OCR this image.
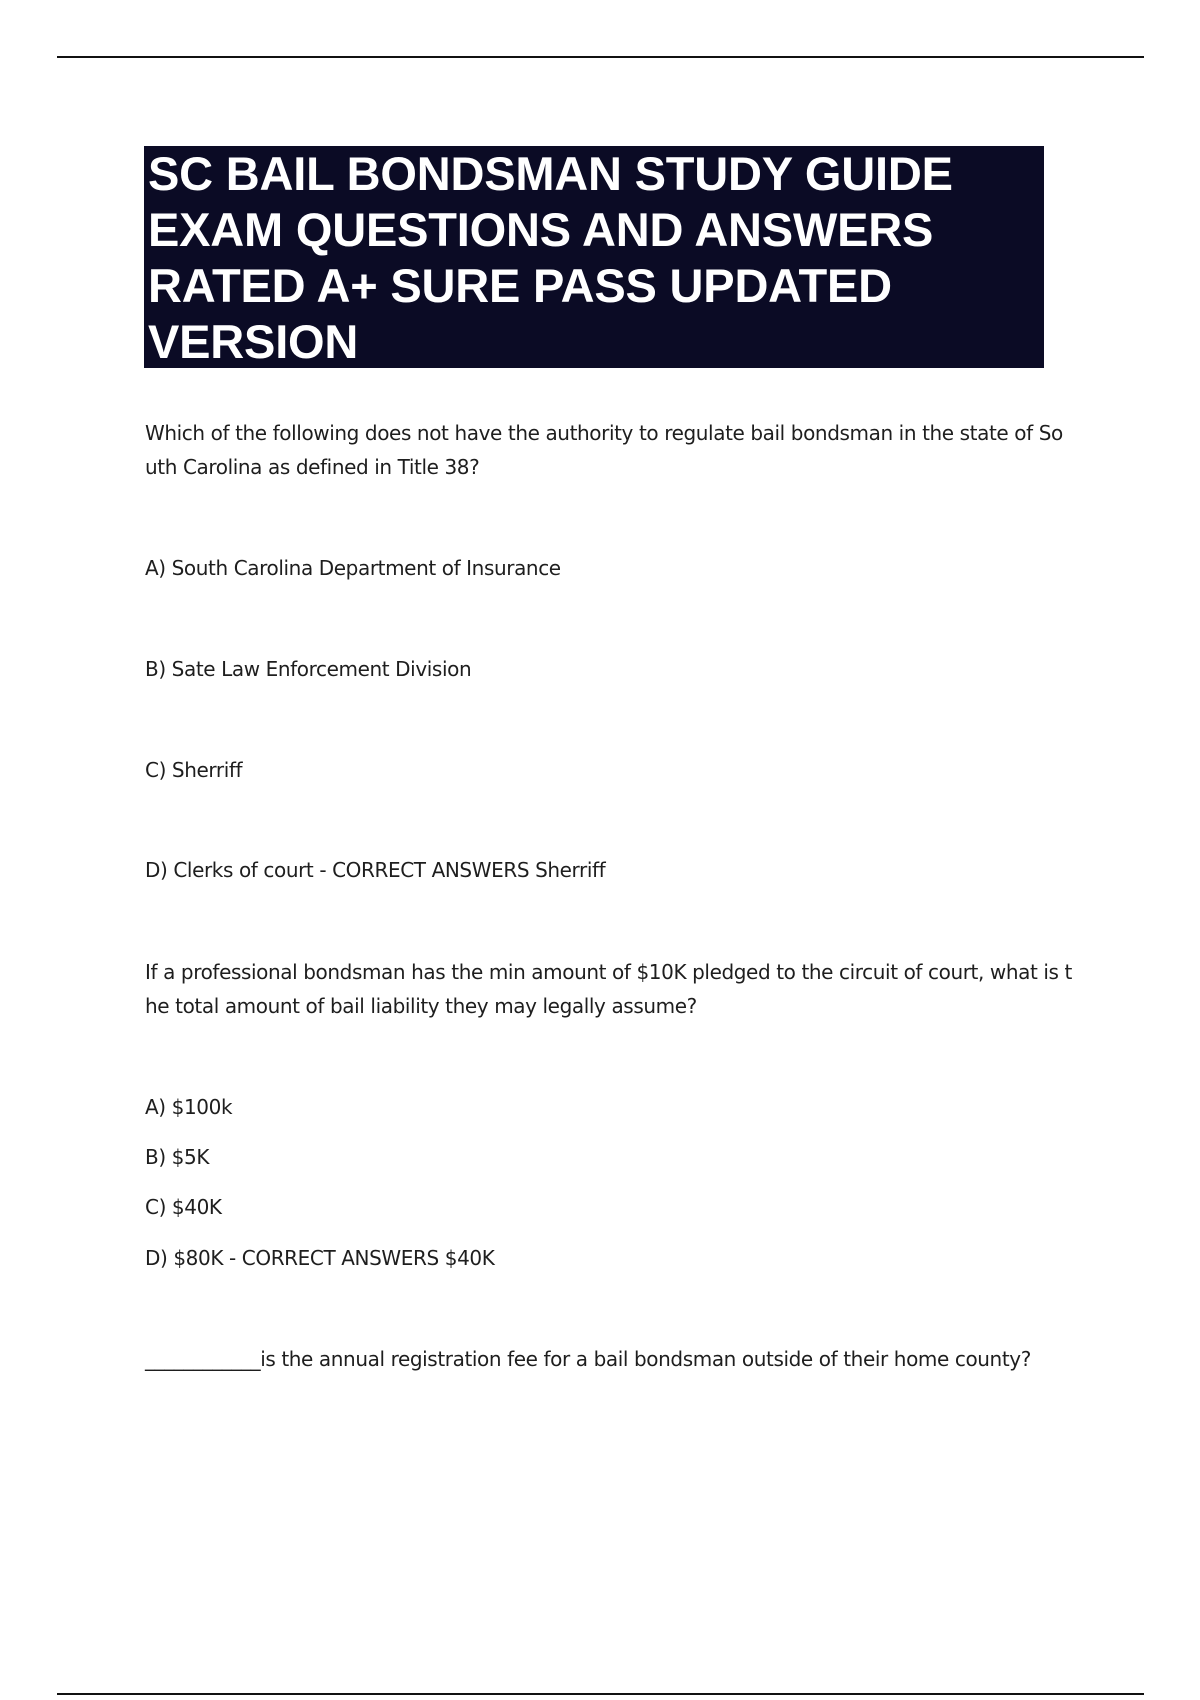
SC BAIL BONDSMAN STUDY GUIDE
EXAM QUESTIONS AND ANSWERS
RATED A+ SURE PASS UPDATED
VERSION

Which of the following does not have the authority to regulate bail bondsman in the state of So

uth Carolina as defined in Title 38?

A) South Carolina Department of Insurance

B) Sate Law Enforcement Division

C) Sherriff

D) Clerks of court - CORRECT ANSWERS Sherriff

If a professional bondsman has the min amount of $10K pledged to the circuit of court, what is t

he total amount of bail liability they may legally assume?

A) $100k

B) $5K

C) $40K

D) $80K - CORRECT ANSWERS $40K

____________is the annual registration fee for a bail bondsman outside of their home county?
